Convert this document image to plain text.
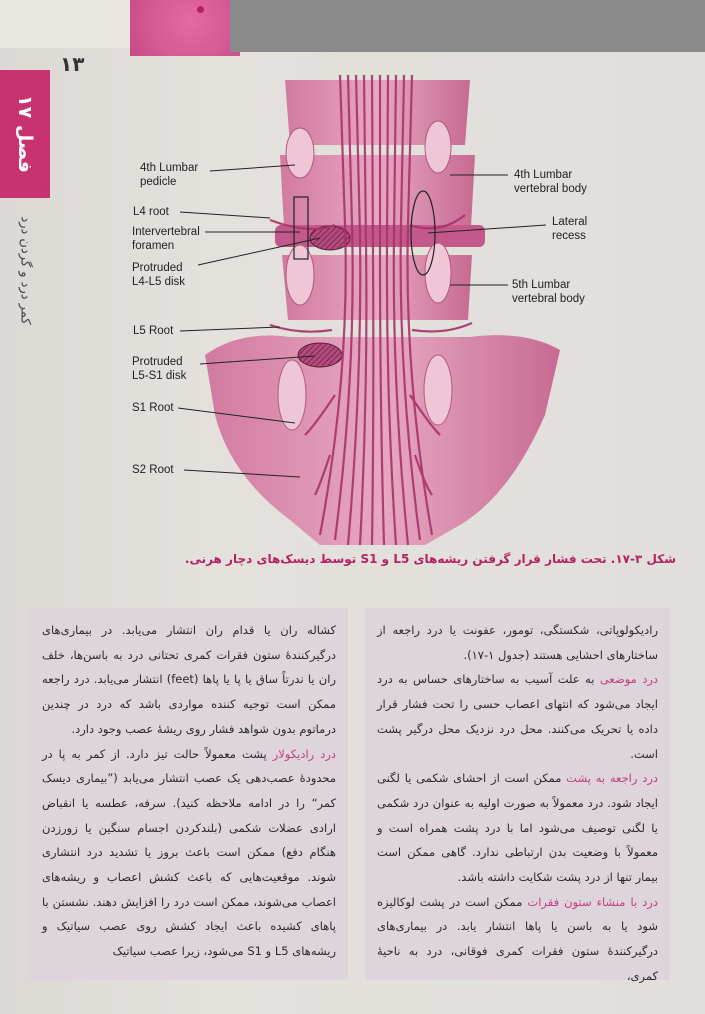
۱۳
فصل ۱۷
کمر درد و گردن درد
4th Lumbar
pedicle
L4 root
Intervertebral
foramen
Protruded
L4-L5 disk
L5 Root
Protruded
L5-S1 disk
S1 Root
S2 Root
4th Lumbar
vertebral body
Lateral
recess
5th Lumbar
vertebral body
شکل ۳-۱۷. تحت فشار قرار گرفتن ریشه‌های L5 و S1 توسط دیسک‌های دچار هرنی.

رادیکولوپاتی، شکستگی، تومور، عفونت یا درد راجعه از ساختارهای احشایی هستند (جدول ۱-۱۷).

درد موضعی به علت آسیب به ساختارهای حساس به درد ایجاد می‌شود که انتهای اعصاب حسی را تحت فشار قرار داده یا تحریک می‌کنند. محل درد نزدیک محل درگیر پشت است.

درد راجعه به پشت ممکن است از احشای شکمی یا لگنی ایجاد شود. درد معمولاً به صورت اولیه به عنوان درد شکمی یا لگنی توصیف می‌شود اما با درد پشت همراه است و معمولاً با وضعیت بدن ارتباطی ندارد. گاهی ممکن است بیمار تنها از درد پشت شکایت داشته باشد.

درد با منشاء ستون فقرات ممکن است در پشت لوکالیزه شود یا به باسن یا پاها انتشار یابد. در بیماری‌های درگیرکنندۀ ستون فقرات کمری فوقانی، درد به ناحیۀ کمری،

کشاله ران یا قدام ران انتشار می‌یابد. در بیماری‌های درگیرکنندۀ ستون فقرات کمری تحتانی درد به باسن‌ها، خلف ران یا ندرتاً ساق یا پا یا پاها (feet) انتشار می‌یابد. درد راجعه ممکن است توجیه کننده مواردی باشد که درد در چندین درماتوم بدون شواهد فشار روی ریشۀ عصب وجود دارد.

درد رادیکولار پشت معمولاً حالت تیز دارد. از کمر به پا در محدودۀ عصب‌دهی یک عصب انتشار می‌یابد (”بیماری دیسک کمر“ را در ادامه ملاحظه کنید). سرفه، عطسه یا انقباض ارادی عضلات شکمی (بلندکردن اجسام سنگین یا زورزدن هنگام دفع) ممکن است باعث بروز یا تشدید درد انتشاری شوند. موقعیت‌هایی که باعث کشش اعصاب و ریشه‌های اعصاب می‌شوند، ممکن است درد را افزایش دهند. نشستن با پاهای کشیده باعث ایجاد کشش روی عصب سیاتیک و ریشه‌های L5 و S1 می‌شود، زیرا عصب سیاتیک
